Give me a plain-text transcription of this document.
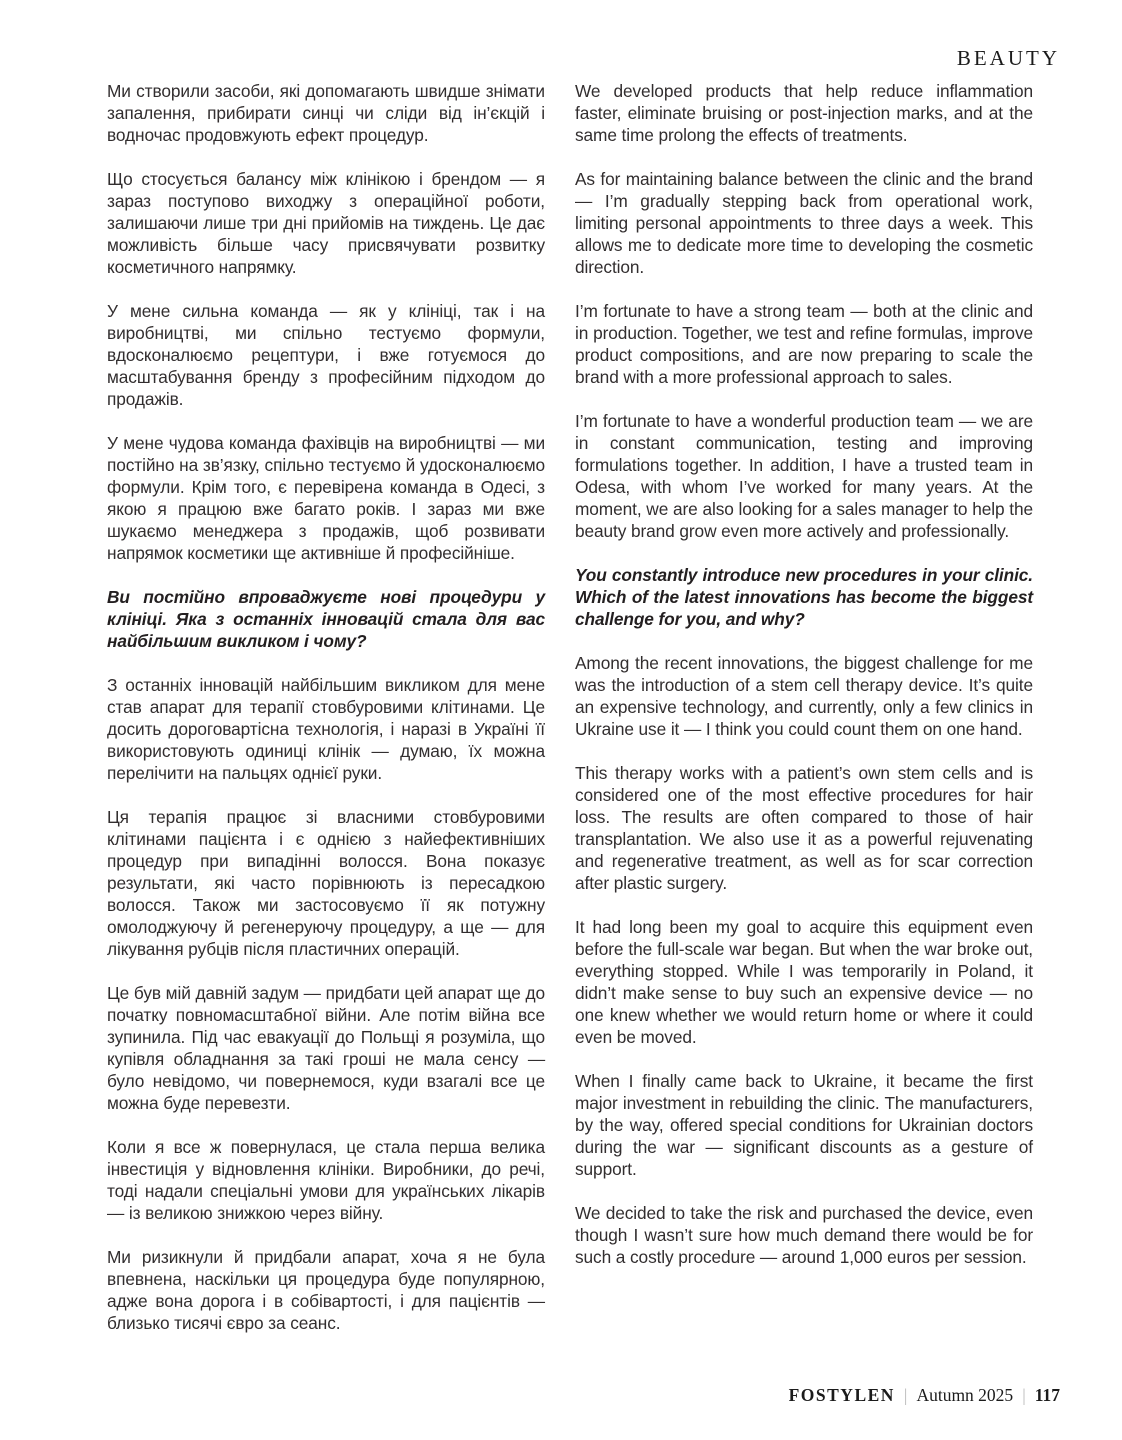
BEAUTY

Ми створили засоби, які допомагають швидше знімати запалення, прибирати синці чи сліди від ін’єкцій і водночас продовжують ефект процедур.

Що стосується балансу між клінікою і брендом — я зараз поступово виходжу з операційної роботи, залишаючи лише три дні прийомів на тиждень. Це дає можливість більше часу присвячувати розвитку косметичного напрямку.

У мене сильна команда — як у клініці, так і на виробництві, ми спільно тестуємо формули, вдосконалюємо рецептури, і вже готуємося до масштабування бренду з професійним підходом до продажів.

У мене чудова команда фахівців на виробництві — ми постійно на зв’язку, спільно тестуємо й удосконалюємо формули. Крім того, є перевірена команда в Одесі, з якою я працюю вже багато років. І зараз ми вже шукаємо менеджера з продажів, щоб розвивати напрямок косметики ще активніше й професійніше.

Ви постійно впроваджуєте нові процедури у клініці. Яка з останніх інновацій стала для вас найбільшим викликом і чому?

З останніх інновацій найбільшим викликом для мене став апарат для терапії стовбуровими клітинами. Це досить дороговартісна технологія, і наразі в Україні її використовують одиниці клінік — думаю, їх можна перелічити на пальцях однієї руки.

Ця терапія працює зі власними стовбуровими клітинами пацієнта і є однією з найефективніших процедур при випадінні волосся. Вона показує результати, які часто порівнюють із пересадкою волосся. Також ми застосовуємо її як потужну омолоджуючу й регенеруючу процедуру, а ще — для лікування рубців після пластичних операцій.

Це був мій давній задум — придбати цей апарат ще до початку повномасштабної війни. Але потім війна все зупинила. Під час евакуації до Польщі я розуміла, що купівля обладнання за такі гроші не мала сенсу — було невідомо, чи повернемося, куди взагалі все це можна буде перевезти.

Коли я все ж повернулася, це стала перша велика інвестиція у відновлення клініки. Виробники, до речі, тоді надали спеціальні умови для українських лікарів — із великою знижкою через війну.

Ми ризикнули й придбали апарат, хоча я не була впевнена, наскільки ця процедура буде популярною, адже вона дорога і в собівартості, і для пацієнтів — близько тисячі євро за сеанс.

We developed products that help reduce inflammation faster, eliminate bruising or post-injection marks, and at the same time prolong the effects of treatments.

As for maintaining balance between the clinic and the brand — I’m gradually stepping back from operational work, limiting personal appointments to three days a week. This allows me to dedicate more time to developing the cosmetic direction.

I’m fortunate to have a strong team — both at the clinic and in production. Together, we test and refine formulas, improve product compositions, and are now preparing to scale the brand with a more professional approach to sales.

I’m fortunate to have a wonderful production team — we are in constant communication, testing and improving formulations together. In addition, I have a trusted team in Odesa, with whom I’ve worked for many years. At the moment, we are also looking for a sales manager to help the beauty brand grow even more actively and professionally.

You constantly introduce new procedures in your clinic. Which of the latest innovations has become the biggest challenge for you, and why?

Among the recent innovations, the biggest challenge for me was the introduction of a stem cell therapy device. It’s quite an expensive technology, and currently, only a few clinics in Ukraine use it — I think you could count them on one hand.

This therapy works with a patient’s own stem cells and is considered one of the most effective procedures for hair loss. The results are often compared to those of hair transplantation. We also use it as a powerful rejuvenating and regenerative treatment, as well as for scar correction after plastic surgery.

It had long been my goal to acquire this equipment even before the full-scale war began. But when the war broke out, everything stopped. While I was temporarily in Poland, it didn’t make sense to buy such an expensive device — no one knew whether we would return home or where it could even be moved.

When I finally came back to Ukraine, it became the first major investment in rebuilding the clinic. The manufacturers, by the way, offered special conditions for Ukrainian doctors during the war — significant discounts as a gesture of support.

We decided to take the risk and purchased the device, even though I wasn’t sure how much demand there would be for such a costly procedure — around 1,000 euros per session.

FOSTYLEN | Autumn 2025 | 117
